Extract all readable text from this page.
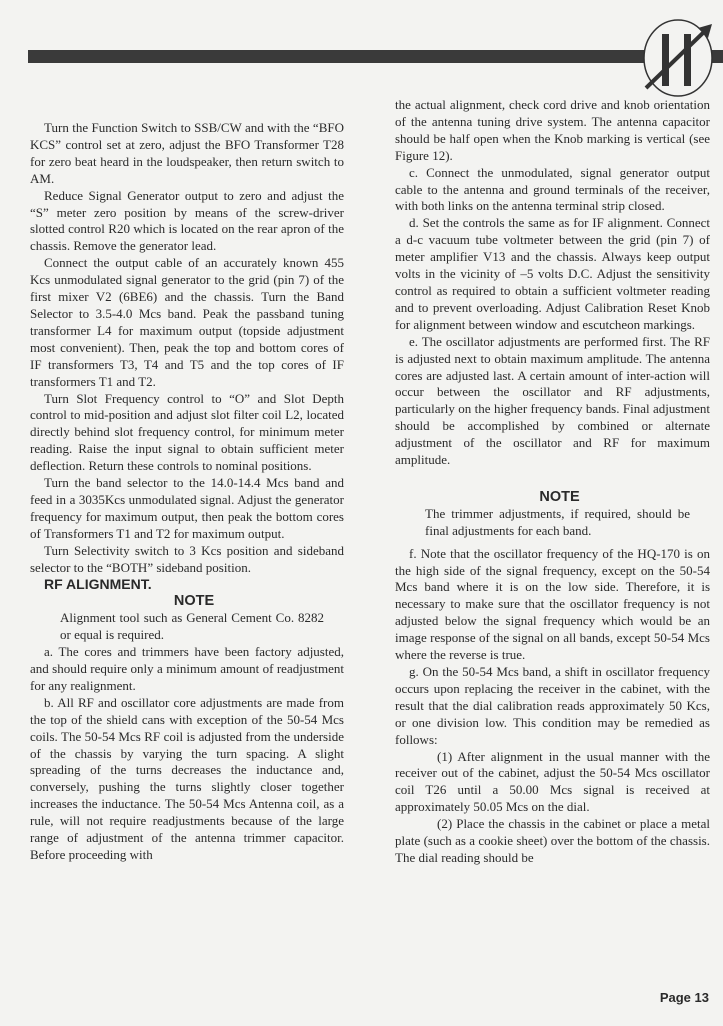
Turn the Function Switch to SSB/CW and with the “BFO KCS” control set at zero, adjust the BFO Transformer T28 for zero beat heard in the loudspeaker, then return switch to AM.

Reduce Signal Generator output to zero and adjust the “S” meter zero position by means of the screw-driver slotted control R20 which is located on the rear apron of the chassis. Remove the generator lead.

Connect the output cable of an accurately known 455 Kcs unmodulated signal generator to the grid (pin 7) of the first mixer V2 (6BE6) and the chassis. Turn the Band Selector to 3.5-4.0 Mcs band. Peak the passband tuning transformer L4 for maximum output (topside adjustment most convenient). Then, peak the top and bottom cores of IF transformers T3, T4 and T5 and the top cores of IF transformers T1 and T2.

Turn Slot Frequency control to “O” and Slot Depth control to mid-position and adjust slot filter coil L2, located directly behind slot frequency control, for minimum meter reading. Raise the input signal to obtain sufficient meter deflection. Return these controls to nominal positions.

Turn the band selector to the 14.0-14.4 Mcs band and feed in a 3035Kcs unmodulated signal. Adjust the generator frequency for maximum output, then peak the bottom cores of Transformers T1 and T2 for maximum output.

Turn Selectivity switch to 3 Kcs position and sideband selector to the “BOTH” sideband position.

RF ALIGNMENT.

NOTE

Alignment tool such as General Cement Co. 8282 or equal is required.

a. The cores and trimmers have been factory adjusted, and should require only a minimum amount of readjustment for any realignment.

b. All RF and oscillator core adjustments are made from the top of the shield cans with exception of the 50-54 Mcs coils. The 50-54 Mcs RF coil is adjusted from the underside of the chassis by varying the turn spacing. A slight spreading of the turns decreases the inductance and, conversely, pushing the turns slightly closer together increases the inductance. The 50-54 Mcs Antenna coil, as a rule, will not require readjustments because of the large range of adjustment of the antenna trimmer capacitor. Before proceeding with

the actual alignment, check cord drive and knob orientation of the antenna tuning drive system. The antenna capacitor should be half open when the Knob marking is vertical (see Figure 12).

c. Connect the unmodulated, signal generator output cable to the antenna and ground terminals of the receiver, with both links on the antenna terminal strip closed.

d. Set the controls the same as for IF alignment. Connect a d-c vacuum tube voltmeter between the grid (pin 7) of meter amplifier V13 and the chassis. Always keep output volts in the vicinity of –5 volts D.C. Adjust the sensitivity control as required to obtain a sufficient voltmeter reading and to prevent overloading. Adjust Calibration Reset Knob for alignment between window and escutcheon markings.

e. The oscillator adjustments are performed first. The RF is adjusted next to obtain maximum amplitude. The antenna cores are adjusted last. A certain amount of inter-action will occur between the oscillator and RF adjustments, particularly on the higher frequency bands. Final adjustment should be accomplished by combined or alternate adjustment of the oscillator and RF for maximum amplitude.

NOTE

The trimmer adjustments, if required, should be final adjustments for each band.

f. Note that the oscillator frequency of the HQ-170 is on the high side of the signal frequency, except on the 50-54 Mcs band where it is on the low side. Therefore, it is necessary to make sure that the oscillator frequency is not adjusted below the signal frequency which would be an image response of the signal on all bands, except 50-54 Mcs where the reverse is true.

g. On the 50-54 Mcs band, a shift in oscillator frequency occurs upon replacing the receiver in the cabinet, with the result that the dial calibration reads approximately 50 Kcs, or one division low. This condition may be remedied as follows:

(1) After alignment in the usual manner with the receiver out of the cabinet, adjust the 50-54 Mcs oscillator coil T26 until a 50.00 Mcs signal is received at approximately 50.05 Mcs on the dial.

(2) Place the chassis in the cabinet or place a metal plate (such as a cookie sheet) over the bottom of the chassis. The dial reading should be

Page 13
